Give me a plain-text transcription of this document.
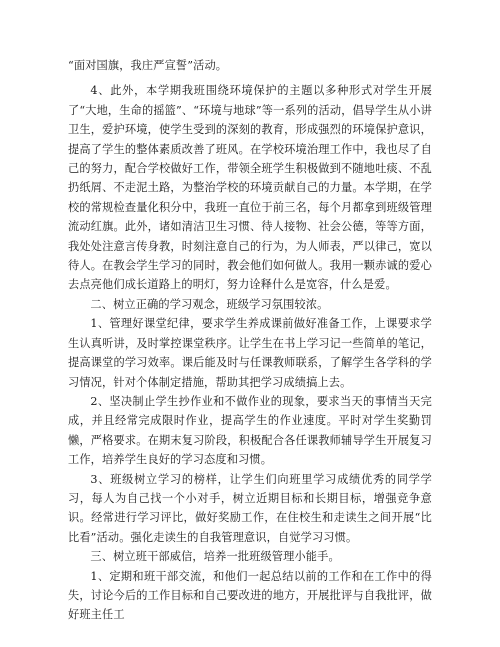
“面对国旗，我庄严宣誓”活动。

4、此外，本学期我班围绕环境保护的主题以多种形式对学生开展了“大地，生命的摇篮”、“环境与地球”等一系列的活动，倡导学生从小讲卫生，爱护环境，使学生受到的深刻的教育，形成强烈的环境保护意识，提高了学生的整体素质改善了班风。在学校环境治理工作中，我也尽了自己的努力，配合学校做好工作，带领全班学生积极做到不随地吐痰、不乱扔纸屑、不走泥土路，为整治学校的环境贡献自己的力量。本学期，在学校的常规检查量化积分中，我班一直位于前三名，每个月都拿到班级管理流动红旗。此外，诸如清洁卫生习惯、待人接物、社会公德，等等方面，我处处注意言传身教，时刻注意自己的行为，为人师表，严以律己，宽以待人。在教会学生学习的同时，教会他们如何做人。我用一颗赤诚的爱心去点亮他们成长道路上的明灯，努力诠释什么是宽容，什么是爱。

二、树立正确的学习观念，班级学习氛围较浓。

1、管理好课堂纪律，要求学生养成课前做好准备工作，上课要求学生认真听讲，及时掌控课堂秩序。让学生在书上学习记一些简单的笔记，提高课堂的学习效率。课后能及时与任课教师联系，了解学生各学科的学习情况，针对个体制定措施，帮助其把学习成绩搞上去。

2、坚决制止学生抄作业和不做作业的现象，要求当天的事情当天完成，并且经常完成限时作业，提高学生的作业速度。平时对学生奖勤罚懒，严格要求。在期末复习阶段，积极配合各任课教师辅导学生开展复习工作，培养学生良好的学习态度和习惯。

3、班级树立学习的榜样，让学生们向班里学习成绩优秀的同学学习，每人为自己找一个小对手，树立近期目标和长期目标，增强竞争意识。经常进行学习评比，做好奖励工作，在住校生和走读生之间开展“比比看”活动。强化走读生的自我管理意识，自觉学习习惯。

三、树立班干部威信，培养一批班级管理小能手。

1、定期和班干部交流，和他们一起总结以前的工作和在工作中的得失，讨论今后的工作目标和自己要改进的地方，开展批评与自我批评，做好班主任工
